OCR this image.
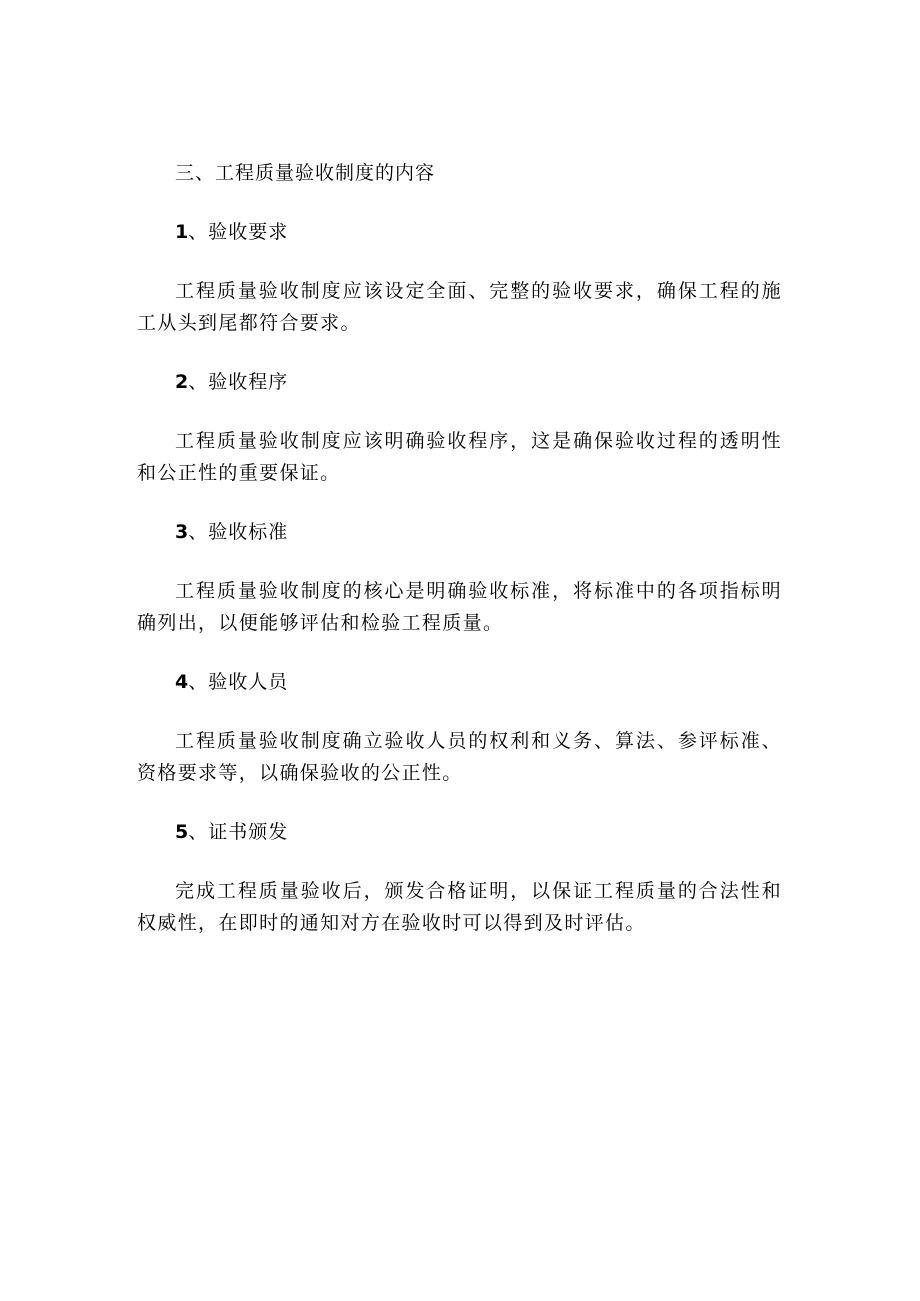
三、工程质量验收制度的内容
1、验收要求
工程质量验收制度应该设定全面、完整的验收要求，确保工程的施工从头到尾都符合要求。
2、验收程序
工程质量验收制度应该明确验收程序，这是确保验收过程的透明性和公正性的重要保证。
3、验收标准
工程质量验收制度的核心是明确验收标准，将标准中的各项指标明确列出，以便能够评估和检验工程质量。
4、验收人员
工程质量验收制度确立验收人员的权利和义务、算法、参评标准、资格要求等，以确保验收的公正性。
5、证书颁发
完成工程质量验收后，颁发合格证明，以保证工程质量的合法性和权威性，在即时的通知对方在验收时可以得到及时评估。
